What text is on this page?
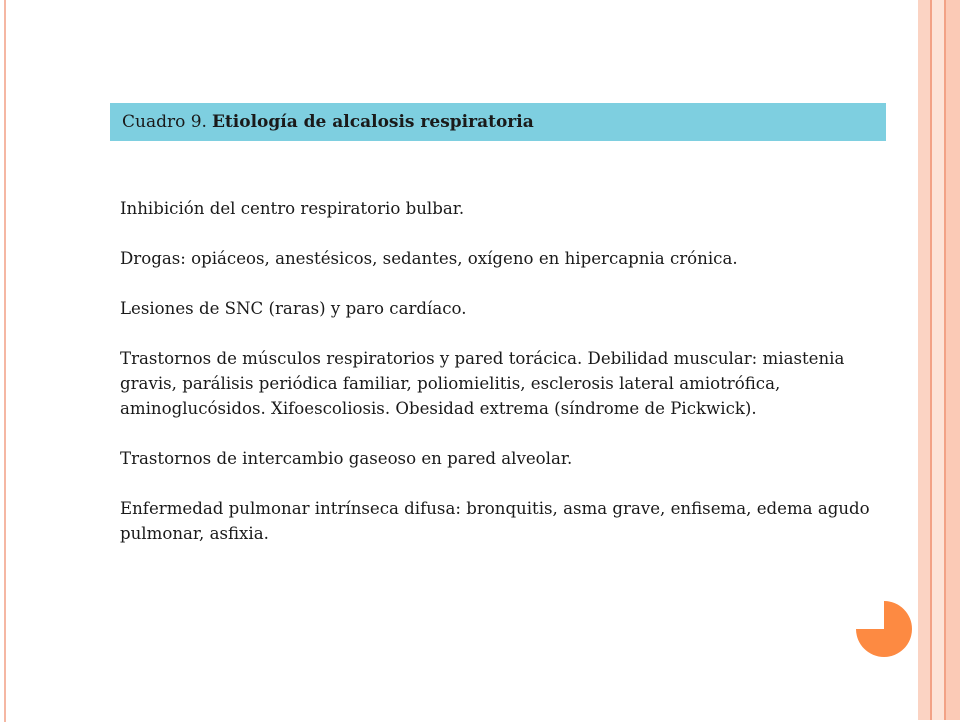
Cuadro 9. Etiología de alcalosis respiratoria

Inhibición del centro respiratorio bulbar.

Drogas: opiáceos, anestésicos, sedantes, oxígeno en hipercapnia crónica.

Lesiones de SNC (raras) y paro cardíaco.

Trastornos de músculos respiratorios y pared torácica. Debilidad muscular: miastenia gravis, parálisis periódica familiar, poliomielitis, esclerosis lateral amiotrófica, aminoglucósidos. Xifoescoliosis. Obesidad extrema (síndrome de Pickwick).

Trastornos de intercambio gaseoso en pared alveolar.

Enfermedad pulmonar intrínseca difusa: bronquitis, asma grave, enfisema, edema agudo pulmonar, asfixia.
